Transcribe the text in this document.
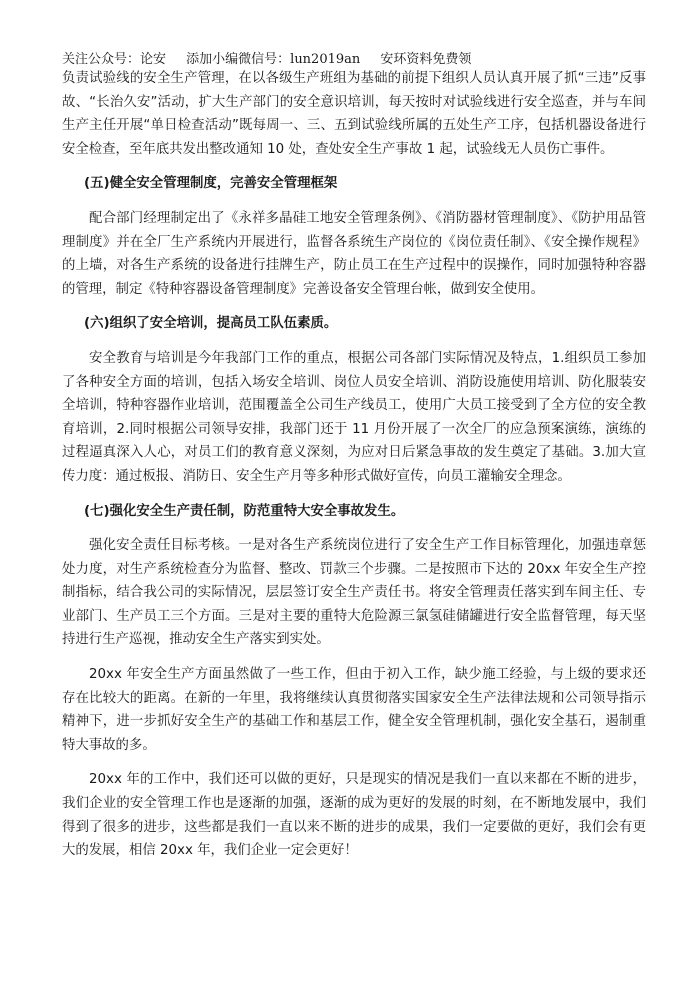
关注公众号：论安 添加小编微信号：lun2019an 安环资料免费领

负责试验线的安全生产管理，在以各级生产班组为基础的前提下组织人员认真开展了抓“三违”反事故、“长治久安”活动，扩大生产部门的安全意识培训，每天按时对试验线进行安全巡查，并与车间生产主任开展“单日检查活动”既每周一、三、五到试验线所属的五处生产工序，包括机器设备进行安全检查，至年底共发出整改通知 10 处，查处安全生产事故 1 起，试验线无人员伤亡事件。

(五)健全安全管理制度，完善安全管理框架

配合部门经理制定出了《永祥多晶硅工地安全管理条例》、《消防器材管理制度》、《防护用品管理制度》并在全厂生产系统内开展进行，监督各系统生产岗位的《岗位责任制》、《安全操作规程》的上墙，对各生产系统的设备进行挂牌生产，防止员工在生产过程中的误操作，同时加强特种容器的管理，制定《特种容器设备管理制度》完善设备安全管理台帐，做到安全使用。

(六)组织了安全培训，提高员工队伍素质。

安全教育与培训是今年我部门工作的重点，根据公司各部门实际情况及特点，1.组织员工参加了各种安全方面的培训，包括入场安全培训、岗位人员安全培训、消防设施使用培训、防化服装安全培训，特种容器作业培训，范围覆盖全公司生产线员工，使用广大员工接受到了全方位的安全教育培训，2.同时根据公司领导安排，我部门还于 11 月份开展了一次全厂的应急预案演练，演练的过程逼真深入人心，对员工们的教育意义深刻，为应对日后紧急事故的发生奠定了基础。3.加大宣传力度：通过板报、消防日、安全生产月等多种形式做好宣传，向员工灌输安全理念。

(七)强化安全生产责任制，防范重特大安全事故发生。

强化安全责任目标考核。一是对各生产系统岗位进行了安全生产工作目标管理化，加强违章惩处力度，对生产系统检查分为监督、整改、罚款三个步骤。二是按照市下达的 20xx 年安全生产控制指标，结合我公司的实际情况，层层签订安全生产责任书。将安全管理责任落实到车间主任、专业部门、生产员工三个方面。三是对主要的重特大危险源三氯氢硅储罐进行安全监督管理，每天坚持进行生产巡视，推动安全生产落实到实处。

20xx 年安全生产方面虽然做了一些工作，但由于初入工作，缺少施工经验，与上级的要求还存在比较大的距离。在新的一年里，我将继续认真贯彻落实国家安全生产法律法规和公司领导指示精神下，进一步抓好安全生产的基础工作和基层工作，健全安全管理机制，强化安全基石，遏制重特大事故的多。

20xx 年的工作中，我们还可以做的更好，只是现实的情况是我们一直以来都在不断的进步，我们企业的安全管理工作也是逐渐的加强，逐渐的成为更好的发展的时刻，在不断地发展中，我们得到了很多的进步，这些都是我们一直以来不断的进步的成果，我们一定要做的更好，我们会有更大的发展，相信 20xx 年，我们企业一定会更好！
